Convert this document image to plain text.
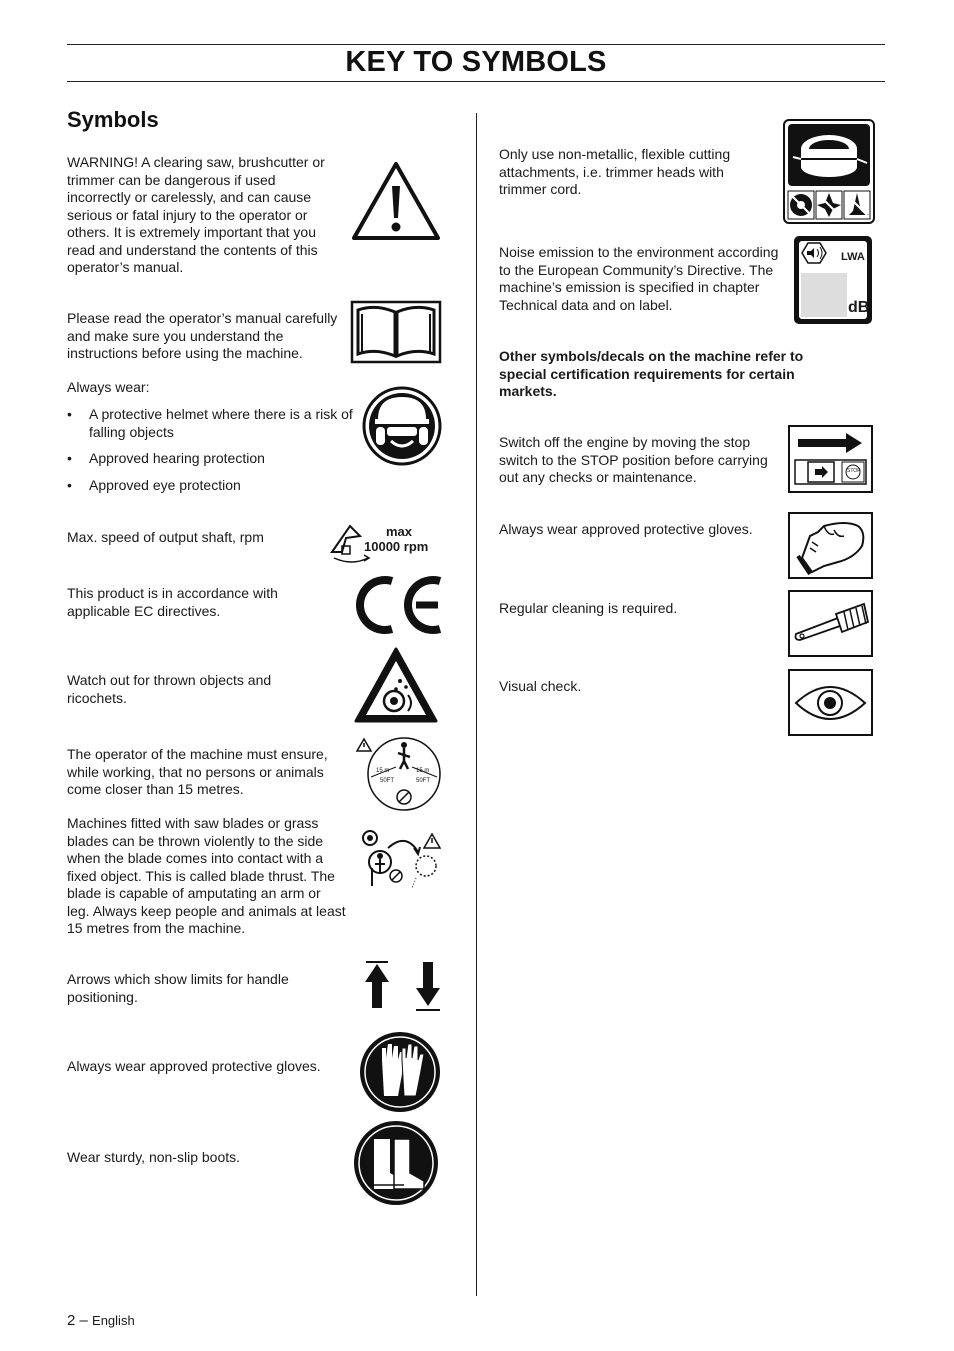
KEY TO SYMBOLS
Symbols
WARNING! A clearing saw, brushcutter or trimmer can be dangerous if used incorrectly or carelessly, and can cause serious or fatal injury to the operator or others. It is extremely important that you read and understand the contents of this operator’s manual.
Please read the operator’s manual carefully and make sure you understand the instructions before using the machine.
Always wear:
• A protective helmet where there is a risk of falling objects
• Approved hearing protection
• Approved eye protection
Max. speed of output shaft, rpm
This product is in accordance with applicable EC directives.
Watch out for thrown objects and ricochets.
The operator of the machine must ensure, while working, that no persons or animals come closer than 15 metres.
Machines fitted with saw blades or grass blades can be thrown violently to the side when the blade comes into contact with a fixed object. This is called blade thrust. The blade is capable of amputating an arm or leg. Always keep people and animals at least 15 metres from the machine.
Arrows which show limits for handle positioning.
Always wear approved protective gloves.
Wear sturdy, non-slip boots.
max
10000 rpm
15 m
50FT
15 m
50FT
Only use non-metallic, flexible cutting attachments, i.e. trimmer heads with trimmer cord.
Noise emission to the environment according to the European Community’s Directive. The machine’s emission is specified in chapter Technical data and on label.
Other symbols/decals on the machine refer to special certification requirements for certain markets.
Switch off the engine by moving the stop switch to the STOP position before carrying out any checks or maintenance.
Always wear approved protective gloves.
Regular cleaning is required.
Visual check.
LWA
dB
STOP
2 – English
